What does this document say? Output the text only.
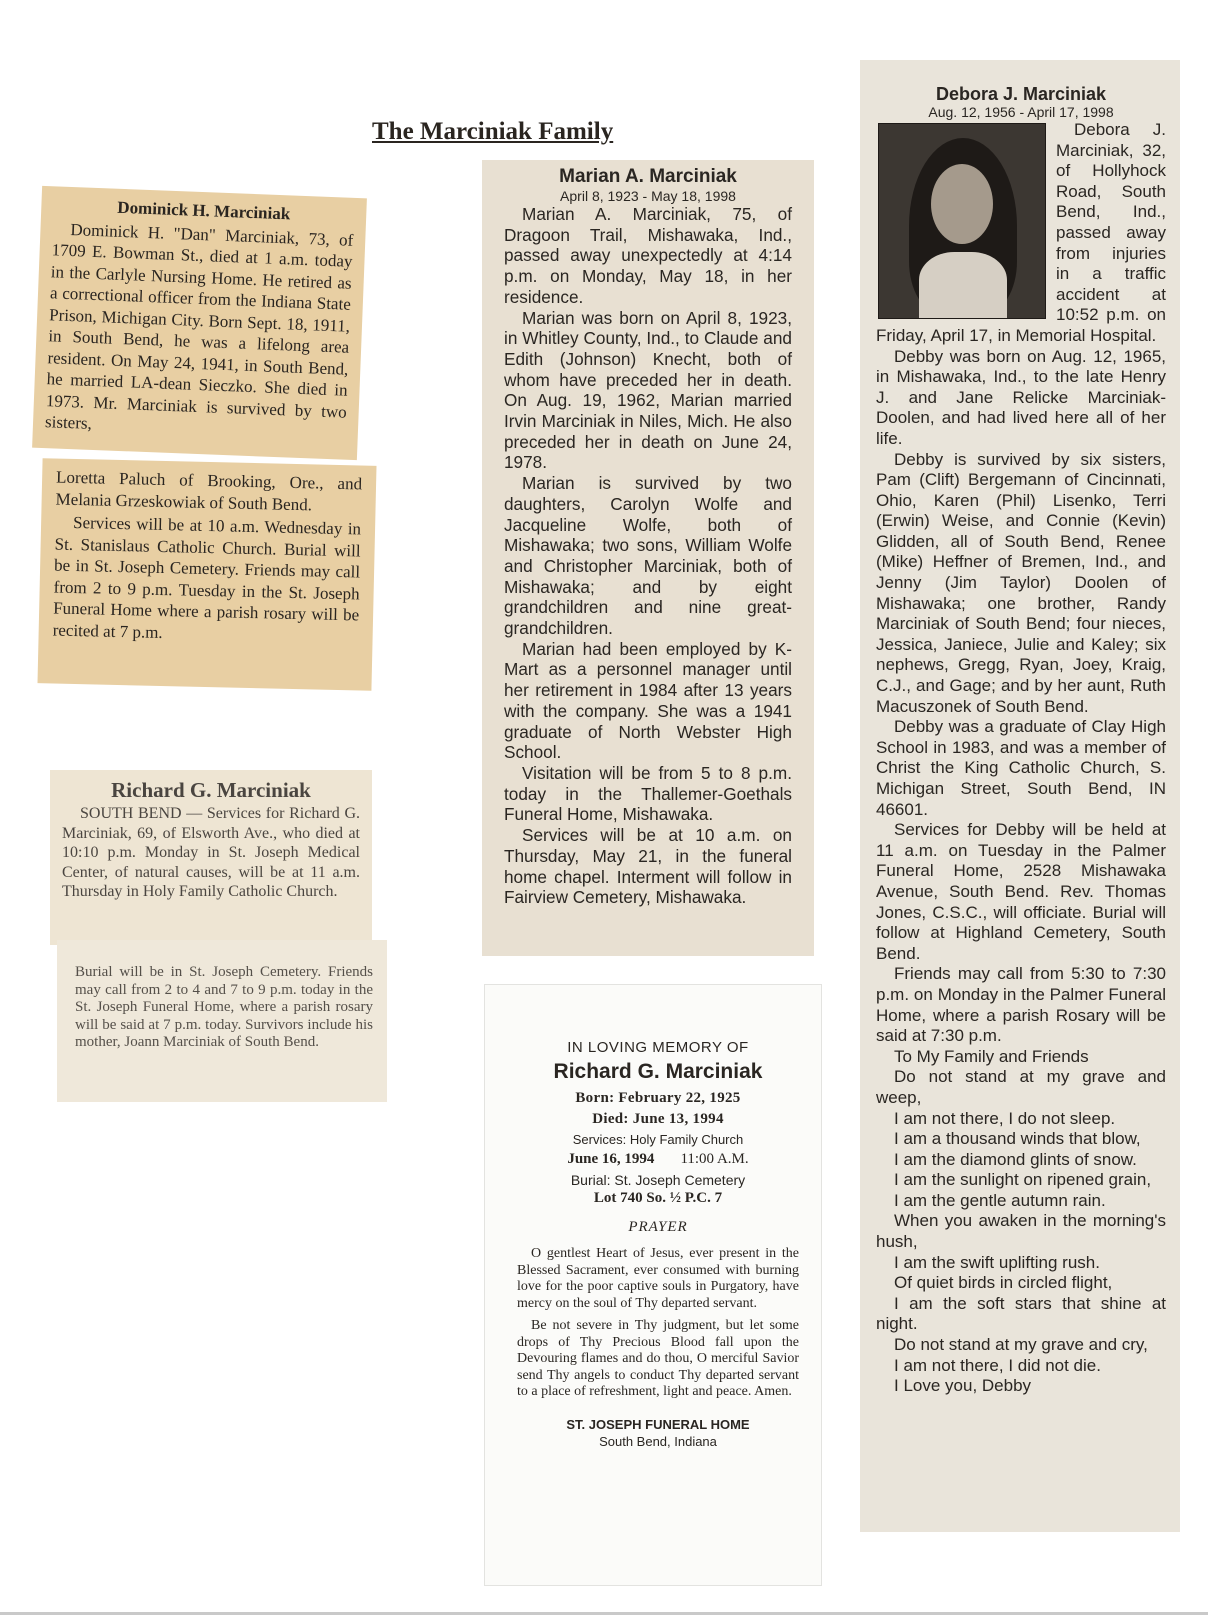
The Marciniak Family
Dominick H. Marciniak

Dominick H. "Dan" Marciniak, 73, of 1709 E. Bowman St., died at 1 a.m. today in the Carlyle Nursing Home. He retired as a correctional officer from the Indiana State Prison, Michigan City. Born Sept. 18, 1911, in South Bend, he was a lifelong area resident. On May 24, 1941, in South Bend, he married LA-dean Sieczko. She died in 1973. Mr. Marciniak is survived by two sisters,

Loretta Paluch of Brooking, Ore., and Melania Grzeskowiak of South Bend.

Services will be at 10 a.m. Wednesday in St. Stanislaus Catholic Church. Burial will be in St. Joseph Cemetery. Friends may call from 2 to 9 p.m. Tuesday in the St. Joseph Funeral Home where a parish rosary will be recited at 7 p.m.

Richard G. Marciniak

SOUTH BEND — Services for Richard G. Marciniak, 69, of Elsworth Ave., who died at 10:10 p.m. Monday in St. Joseph Medical Center, of natural causes, will be at 11 a.m. Thursday in Holy Family Catholic Church.

Burial will be in St. Joseph Cemetery. Friends may call from 2 to 4 and 7 to 9 p.m. today in the St. Joseph Funeral Home, where a parish rosary will be said at 7 p.m. today. Survivors include his mother, Joann Marciniak of South Bend.

Marian A. Marciniak
April 8, 1923 - May 18, 1998

Marian A. Marciniak, 75, of Dragoon Trail, Mishawaka, Ind., passed away unexpectedly at 4:14 p.m. on Monday, May 18, in her residence.

Marian was born on April 8, 1923, in Whitley County, Ind., to Claude and Edith (Johnson) Knecht, both of whom have preceded her in death. On Aug. 19, 1962, Marian married Irvin Marciniak in Niles, Mich. He also preceded her in death on June 24, 1978.

Marian is survived by two daughters, Carolyn Wolfe and Jacqueline Wolfe, both of Mishawaka; two sons, William Wolfe and Christopher Marciniak, both of Mishawaka; and by eight grandchildren and nine great-grandchildren.

Marian had been employed by K-Mart as a personnel manager until her retirement in 1984 after 13 years with the company. She was a 1941 graduate of North Webster High School.

Visitation will be from 5 to 8 p.m. today in the Thallemer-Goethals Funeral Home, Mishawaka.

Services will be at 10 a.m. on Thursday, May 21, in the funeral home chapel. Interment will follow in Fairview Cemetery, Mishawaka.

IN LOVING MEMORY OF
Richard G. Marciniak
Born: February 22, 1925
Died: June 13, 1994
Services: Holy Family Church
June 16, 1994 11:00 A.M.
Burial: St. Joseph Cemetery
Lot 740 So. ½ P.C. 7
PRAYER

O gentlest Heart of Jesus, ever present in the Blessed Sacrament, ever consumed with burning love for the poor captive souls in Purgatory, have mercy on the soul of Thy departed servant.

Be not severe in Thy judgment, but let some drops of Thy Precious Blood fall upon the Devouring flames and do thou, O merciful Savior send Thy angels to conduct Thy departed servant to a place of refreshment, light and peace. Amen.

ST. JOSEPH FUNERAL HOME
South Bend, Indiana
Debora J. Marciniak
Aug. 12, 1956 - April 17, 1998

Debora J. Marciniak, 32, of Hollyhock Road, South Bend, Ind., passed away from injuries in a traffic accident at 10:52 p.m. on Friday, April 17, in Memorial Hospital.

Debby was born on Aug. 12, 1965, in Mishawaka, Ind., to the late Henry J. and Jane Relicke Marciniak-Doolen, and had lived here all of her life.

Debby is survived by six sisters, Pam (Clift) Bergemann of Cincinnati, Ohio, Karen (Phil) Lisenko, Terri (Erwin) Weise, and Connie (Kevin) Glidden, all of South Bend, Renee (Mike) Heffner of Bremen, Ind., and Jenny (Jim Taylor) Doolen of Mishawaka; one brother, Randy Marciniak of South Bend; four nieces, Jessica, Janiece, Julie and Kaley; six nephews, Gregg, Ryan, Joey, Kraig, C.J., and Gage; and by her aunt, Ruth Macuszonek of South Bend.

Debby was a graduate of Clay High School in 1983, and was a member of Christ the King Catholic Church, S. Michigan Street, South Bend, IN 46601.

Services for Debby will be held at 11 a.m. on Tuesday in the Palmer Funeral Home, 2528 Mishawaka Avenue, South Bend. Rev. Thomas Jones, C.S.C., will officiate. Burial will follow at Highland Cemetery, South Bend.

Friends may call from 5:30 to 7:30 p.m. on Monday in the Palmer Funeral Home, where a parish Rosary will be said at 7:30 p.m.

To My Family and Friends
Do not stand at my grave and weep,
I am not there, I do not sleep.
I am a thousand winds that blow,
I am the diamond glints of snow.
I am the sunlight on ripened grain,
I am the gentle autumn rain.
When you awaken in the morning's hush,
I am the swift uplifting rush.
Of quiet birds in circled flight,
I am the soft stars that shine at night.
Do not stand at my grave and cry,
I am not there, I did not die.
I Love you, Debby
